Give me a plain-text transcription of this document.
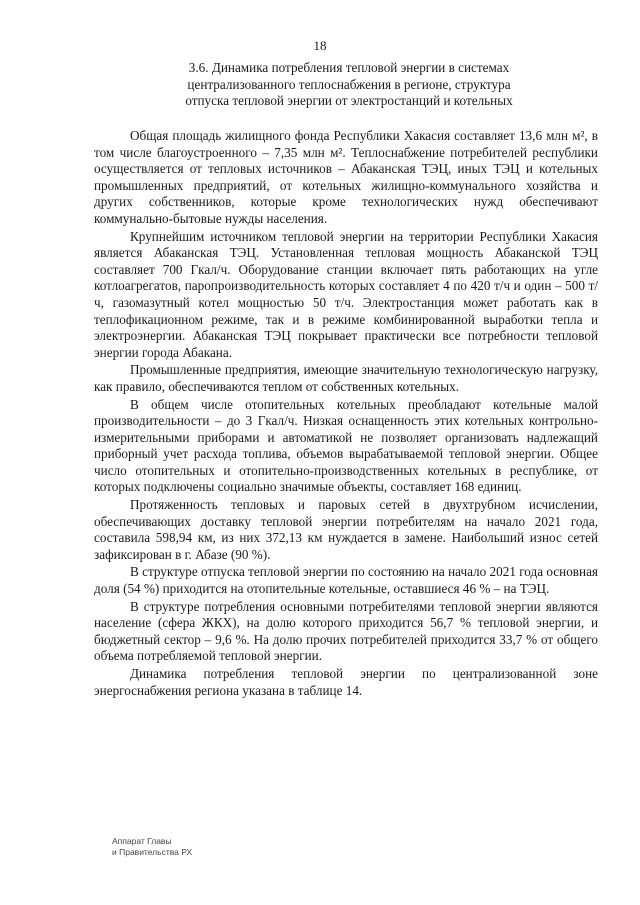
18
3.6. Динамика потребления тепловой энергии в системах
централизованного теплоснабжения в регионе, структура
отпуска тепловой энергии от электростанций и котельных

Общая площадь жилищного фонда Республики Хакасия составляет 13,6 млн м², в том числе благоустроенного – 7,35 млн м². Теплоснабжение потребителей республики осуществляется от тепловых источников – Абаканская ТЭЦ, иных ТЭЦ и котельных промышленных предприятий, от котельных жилищно-коммунального хозяйства и других собственников, которые кроме технологических нужд обеспечивают коммунально-бытовые нужды населения.

Крупнейшим источником тепловой энергии на территории Республики Хакасия является Абаканская ТЭЦ. Установленная тепловая мощность Абаканской ТЭЦ составляет 700 Гкал/ч. Оборудование станции включает пять работающих на угле котлоагрегатов, паропроизводительность которых составляет 4 по 420 т/ч и один – 500 т/ч, газомазутный котел мощностью 50 т/ч. Электростанция может работать как в теплофикационном режиме, так и в режиме комбинированной выработки тепла и электроэнергии. Абаканская ТЭЦ покрывает практически все потребности тепловой энергии города Абакана.

Промышленные предприятия, имеющие значительную технологическую нагрузку, как правило, обеспечиваются теплом от собственных котельных.

В общем числе отопительных котельных преобладают котельные малой производительности – до 3 Гкал/ч. Низкая оснащенность этих котельных контрольно-измерительными приборами и автоматикой не позволяет организовать надлежащий приборный учет расхода топлива, объемов вырабатываемой тепловой энергии. Общее число отопительных и отопительно-производственных котельных в республике, от которых подключены социально значимые объекты, составляет 168 единиц.

Протяженность тепловых и паровых сетей в двухтрубном исчислении, обеспечивающих доставку тепловой энергии потребителям на начало 2021 года, составила 598,94 км, из них 372,13 км нуждается в замене. Наибольший износ сетей зафиксирован в г. Абазе (90 %).

В структуре отпуска тепловой энергии по состоянию на начало 2021 года основная доля (54 %) приходится на отопительные котельные, оставшиеся 46 % – на ТЭЦ.

В структуре потребления основными потребителями тепловой энергии являются население (сфера ЖКХ), на долю которого приходится 56,7 % тепловой энергии, и бюджетный сектор – 9,6 %. На долю прочих потребителей приходится 33,7 % от общего объема потребляемой тепловой энергии.

Динамика потребления тепловой энергии по централизованной зоне энергоснабжения региона указана в таблице 14.

Аппарат Главы
и Правительства РХ
